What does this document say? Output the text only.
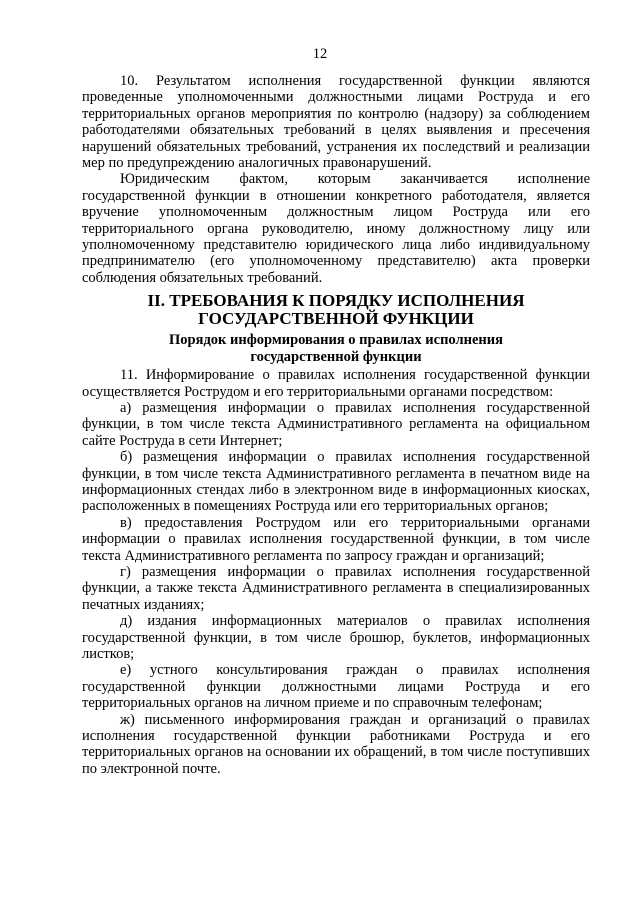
12

10. Результатом исполнения государственной функции являются проведенные уполномоченными должностными лицами Роструда и его территориальных органов мероприятия по контролю (надзору) за соблюдением работодателями обязательных требований в целях выявления и пресечения нарушений обязательных требований, устранения их последствий и реализации мер по предупреждению аналогичных правонарушений.

Юридическим фактом, которым заканчивается исполнение государственной функции в отношении конкретного работодателя, является вручение уполномоченным должностным лицом Роструда или его территориального органа руководителю, иному должностному лицу или уполномоченному представителю юридического лица либо индивидуальному предпринимателю (его уполномоченному представителю) акта проверки соблюдения обязательных требований.

II. ТРЕБОВАНИЯ К ПОРЯДКУ ИСПОЛНЕНИЯ
ГОСУДАРСТВЕННОЙ ФУНКЦИИ

Порядок информирования о правилах исполнения
государственной функции

11. Информирование о правилах исполнения государственной функции осуществляется Рострудом и его территориальными органами посредством:

а) размещения информации о правилах исполнения государственной функции, в том числе текста Административного регламента на официальном сайте Роструда в сети Интернет;

б) размещения информации о правилах исполнения государственной функции, в том числе текста Административного регламента в печатном виде на информационных стендах либо в электронном виде в информационных киосках, расположенных в помещениях Роструда или его территориальных органов;

в) предоставления Рострудом или его территориальными органами информации о правилах исполнения государственной функции, в том числе текста Административного регламента по запросу граждан и организаций;

г) размещения информации о правилах исполнения государственной функции, а также текста Административного регламента в специализированных печатных изданиях;

д) издания информационных материалов о правилах исполнения государственной функции, в том числе брошюр, буклетов, информационных листков;

е) устного консультирования граждан о правилах исполнения государственной функции должностными лицами Роструда и его территориальных органов на личном приеме и по справочным телефонам;

ж) письменного информирования граждан и организаций о правилах исполнения государственной функции работниками Роструда и его территориальных органов на основании их обращений, в том числе поступивших по электронной почте.
